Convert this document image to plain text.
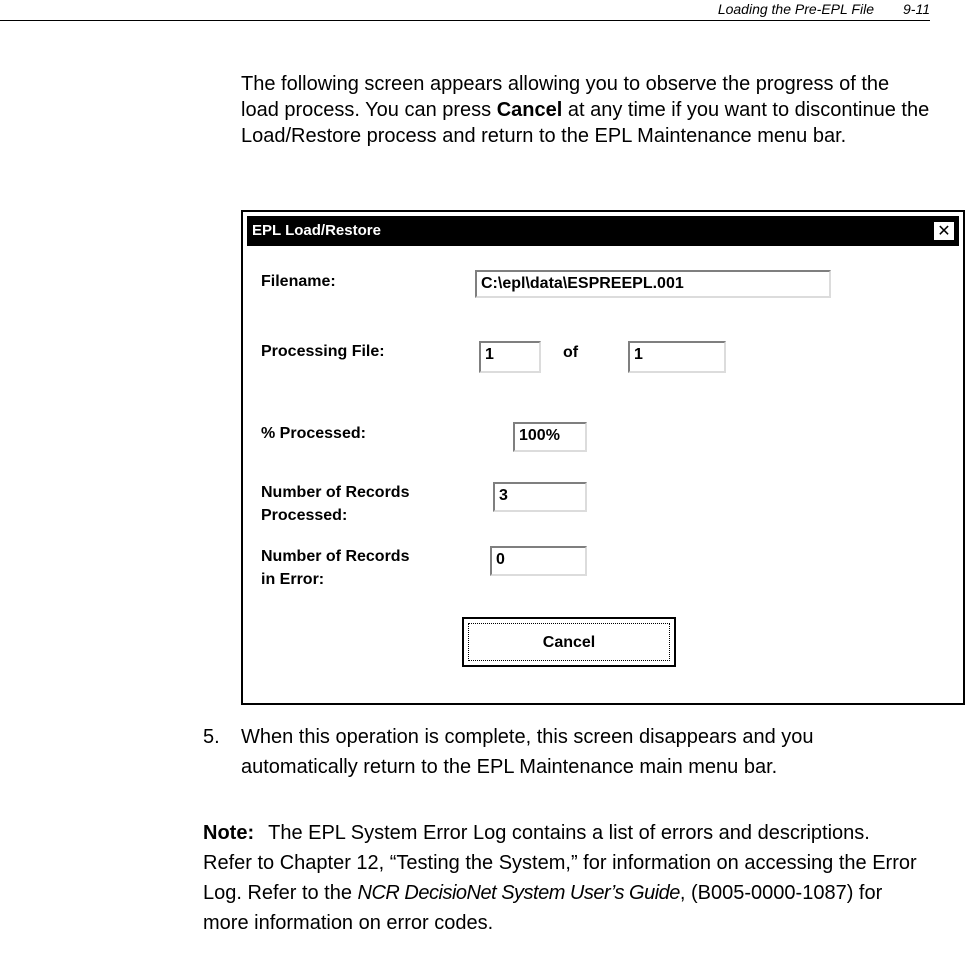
Loading the Pre-EPL File 9-11

The following screen appears allowing you to observe the progress of the load process. You can press Cancel at any time if you want to discontinue the Load/Restore process and return to the EPL Maintenance menu bar.

EPL Load/Restore	✕
Filename:	C:\epl\data\ESPREEPL.001
Processing File:	1	of	1
% Processed:	100%
Number of Records
Processed:
3
Number of Records
in Error:
0
Cancel
5. When this operation is complete, this screen disappears and you automatically return to the EPL Maintenance main menu bar.

Note: The EPL System Error Log contains a list of errors and descriptions. Refer to Chapter 12, “Testing the System,” for information on accessing the Error Log. Refer to the NCR DecisioNet System User’s Guide, (B005-0000-1087) for more information on error codes.
